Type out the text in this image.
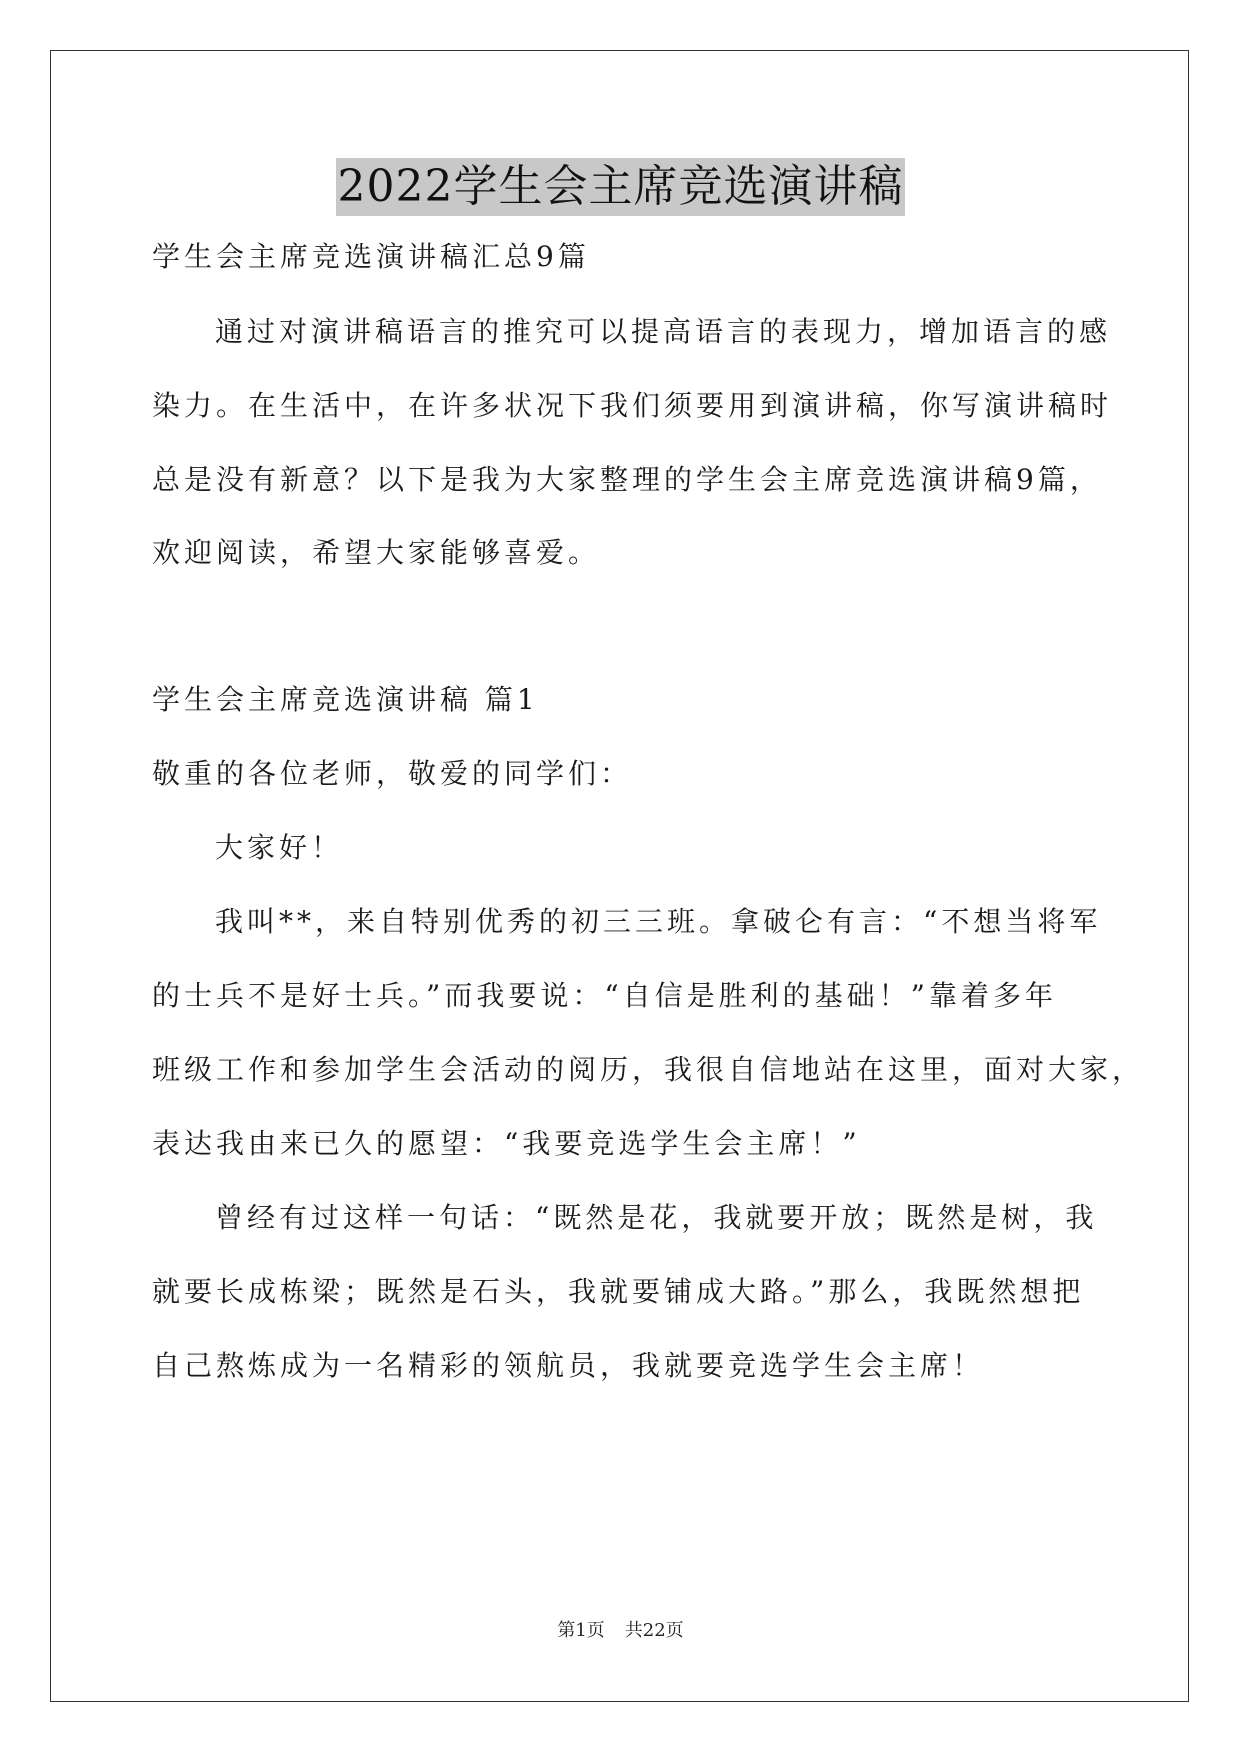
2022学生会主席竞选演讲稿
学生会主席竞选演讲稿汇总9篇
通过对演讲稿语言的推究可以提高语言的表现力，增加语言的感
染力。在生活中，在许多状况下我们须要用到演讲稿，你写演讲稿时
总是没有新意？以下是我为大家整理的学生会主席竞选演讲稿9篇，
欢迎阅读，希望大家能够喜爱。
学生会主席竞选演讲稿 篇1
敬重的各位老师，敬爱的同学们：
大家好！
我叫**，来自特别优秀的初三三班。拿破仑有言：“不想当将军
的士兵不是好士兵。”而我要说：“自信是胜利的基础！”靠着多年
班级工作和参加学生会活动的阅历，我很自信地站在这里，面对大家，
表达我由来已久的愿望：“我要竞选学生会主席！”
曾经有过这样一句话：“既然是花，我就要开放；既然是树，我
就要长成栋梁；既然是石头，我就要铺成大路。”那么，我既然想把
自己熬炼成为一名精彩的领航员，我就要竞选学生会主席！
第1页 共22页
